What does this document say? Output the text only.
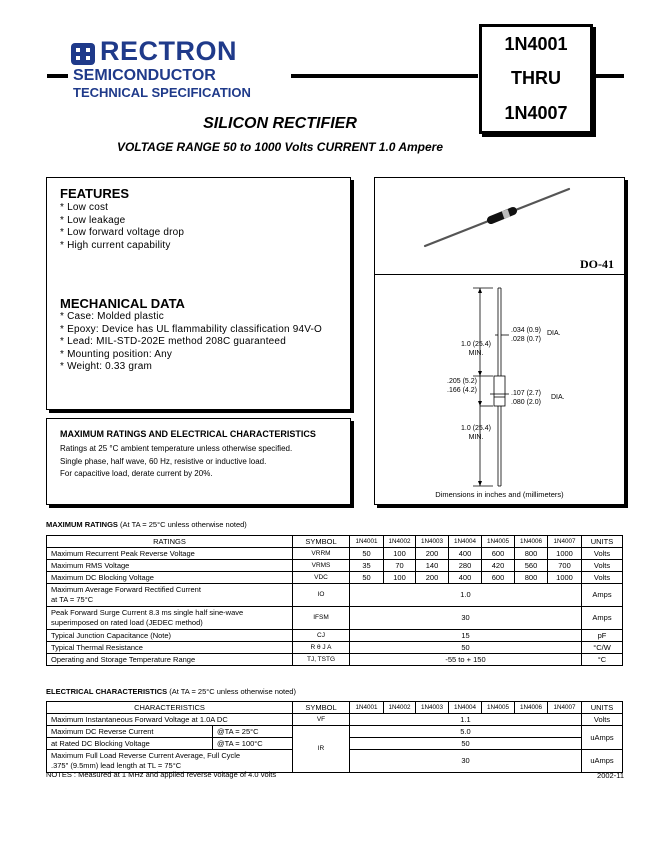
RECTRON
SEMICONDUCTOR
TECHNICAL SPECIFICATION
1N4001
THRU
1N4007
SILICON RECTIFIER
VOLTAGE RANGE 50 to 1000 Volts CURRENT 1.0 Ampere
FEATURES
* Low cost
* Low leakage
* Low forward voltage drop
* High current capability
MECHANICAL DATA
* Case: Molded plastic
* Epoxy: Device has UL flammability classification 94V-O
* Lead: MIL-STD-202E method 208C guaranteed
* Mounting position: Any
* Weight: 0.33 gram
MAXIMUM RATINGS AND ELECTRICAL CHARACTERISTICS
Ratings at 25 °C ambient temperature unless otherwise specified.
Single phase, half wave, 60 Hz, resistive or inductive load.
For capacitive load, derate current by 20%.
1.0 (25.4)
MIN.
.034 (0.9)
.028 (0.7)
DIA.
.205 (5.2)
.166 (4.2)	.107 (2.7)
.080 (2.0)
DIA.
1.0 (25.4)
MIN.
DO-41
Dimensions in inches and (millimeters)
MAXIMUM RATINGS (At TA = 25°C unless otherwise noted)
RATINGS	SYMBOL	1N4001	1N4002	1N4003	1N4004	1N4005	1N4006	1N4007	UNITS
Maximum Recurrent Peak Reverse Voltage	VRRM	50	100	200	400	600	800	1000	Volts
Maximum RMS Voltage	VRMS	35	70	140	280	420	560	700	Volts
Maximum DC Blocking Voltage	VDC	50	100	200	400	600	800	1000	Volts

Maximum Average Forward Rectified Current
at TA = 75°C	IO	1.0							Amps

Peak Forward Surge Current 8.3 ms single half sine-wave
superimposed on rated load (JEDEC method)	IFSM	30							Amps
Typical Junction Capacitance (Note)	CJ	15							pF
Typical Thermal Resistance	R θ J A	50							°C/W
Operating and Storage Temperature Range	TJ, TSTG	-55 to + 150							°C
ELECTRICAL CHARACTERISTICS (At TA = 25°C unless otherwise noted)
CHARACTERISTICS		SYMBOL	1N4001	1N4002	1N4003	1N4004	1N4005	1N4006	1N4007	UNITS
Maximum Instantaneous Forward Voltage at 1.0A DC		VF	1.1							Volts
Maximum DC Reverse Current	@TA = 25°C	IR	5.0							uAmps
at Rated DC Blocking Voltage	@TA = 100°C		50							

Maximum Full Load Reverse Current Average, Full Cycle
.375" (9.5mm) lead length at TL = 75°C			30							uAmps
NOTES : Measured at 1 MHz and applied reverse voltage of 4.0 volts	2002-11
